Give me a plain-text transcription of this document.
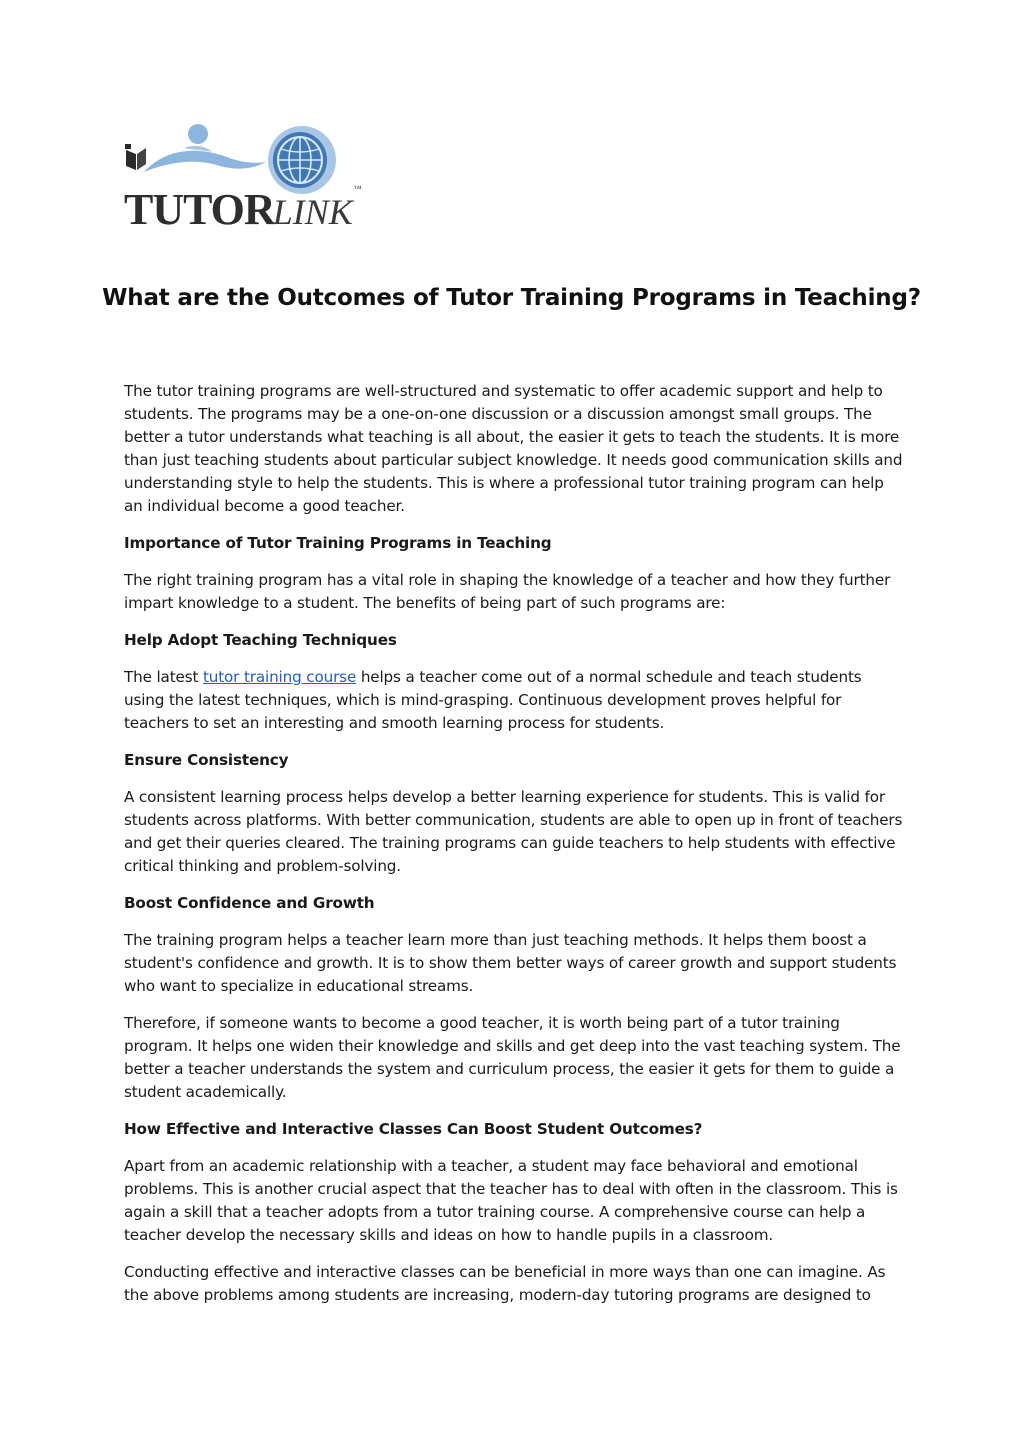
TUTORLINK™
What are the Outcomes of Tutor Training Programs in Teaching?

The tutor training programs are well-structured and systematic to offer academic support and help to students. The programs may be a one-on-one discussion or a discussion amongst small groups. The better a tutor understands what teaching is all about, the easier it gets to teach the students. It is more than just teaching students about particular subject knowledge. It needs good communication skills and understanding style to help the students. This is where a professional tutor training program can help an individual become a good teacher.

Importance of Tutor Training Programs in Teaching

The right training program has a vital role in shaping the knowledge of a teacher and how they further impart knowledge to a student. The benefits of being part of such programs are:

Help Adopt Teaching Techniques

The latest tutor training course helps a teacher come out of a normal schedule and teach students using the latest techniques, which is mind-grasping. Continuous development proves helpful for teachers to set an interesting and smooth learning process for students.

Ensure Consistency

A consistent learning process helps develop a better learning experience for students. This is valid for students across platforms. With better communication, students are able to open up in front of teachers and get their queries cleared. The training programs can guide teachers to help students with effective critical thinking and problem-solving.

Boost Confidence and Growth

The training program helps a teacher learn more than just teaching methods. It helps them boost a student's confidence and growth. It is to show them better ways of career growth and support students who want to specialize in educational streams.

Therefore, if someone wants to become a good teacher, it is worth being part of a tutor training program. It helps one widen their knowledge and skills and get deep into the vast teaching system. The better a teacher understands the system and curriculum process, the easier it gets for them to guide a student academically.

How Effective and Interactive Classes Can Boost Student Outcomes?

Apart from an academic relationship with a teacher, a student may face behavioral and emotional problems. This is another crucial aspect that the teacher has to deal with often in the classroom. This is again a skill that a teacher adopts from a tutor training course. A comprehensive course can help a teacher develop the necessary skills and ideas on how to handle pupils in a classroom.

Conducting effective and interactive classes can be beneficial in more ways than one can imagine. As the above problems among students are increasing, modern-day tutoring programs are designed to
